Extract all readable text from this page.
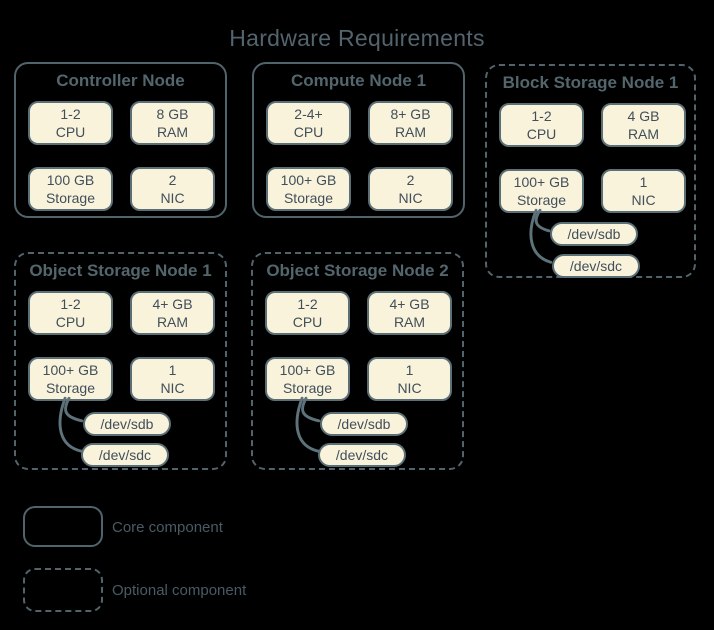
Hardware Requirements
Controller Node
1-2
CPU
8 GB
RAM
100 GB
Storage
2
NIC
Compute Node 1
2-4+
CPU
8+ GB
RAM
100+ GB
Storage
2
NIC
Block Storage Node 1
1-2
CPU
4 GB
RAM
100+ GB
Storage
1
NIC
/dev/sdb
/dev/sdc
Object Storage Node 1
1-2
CPU
4+ GB
RAM
100+ GB
Storage
1
NIC
/dev/sdb
/dev/sdc
Object Storage Node 2
1-2
CPU
4+ GB
RAM
100+ GB
Storage
1
NIC
/dev/sdb
/dev/sdc
Core component
Optional component
